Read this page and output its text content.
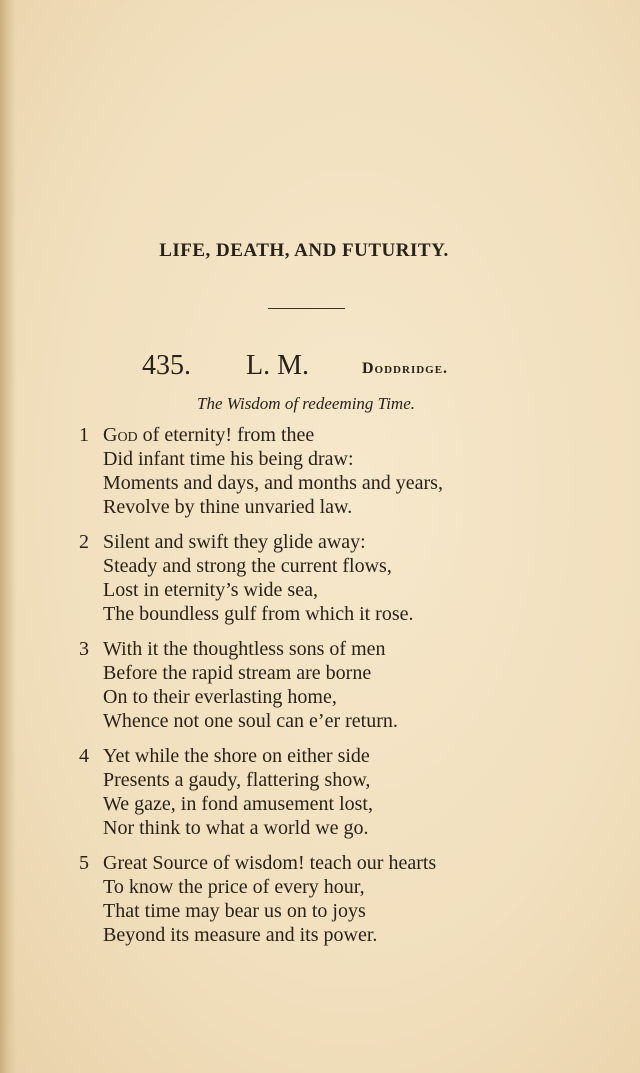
LIFE, DEATH, AND FUTURITY.
435. L. M.	Doddridge.
The Wisdom of redeeming Time.
1 God of eternity! from thee
Did infant time his being draw:
Moments and days, and months and years,
Revolve by thine unvaried law.
2 Silent and swift they glide away:
Steady and strong the current flows,
Lost in eternity’s wide sea,
The boundless gulf from which it rose.
3 With it the thoughtless sons of men
Before the rapid stream are borne
On to their everlasting home,
Whence not one soul can e’er return.
4 Yet while the shore on either side
Presents a gaudy, flattering show,
We gaze, in fond amusement lost,
Nor think to what a world we go.
5 Great Source of wisdom! teach our hearts
To know the price of every hour,
That time may bear us on to joys
Beyond its measure and its power.
